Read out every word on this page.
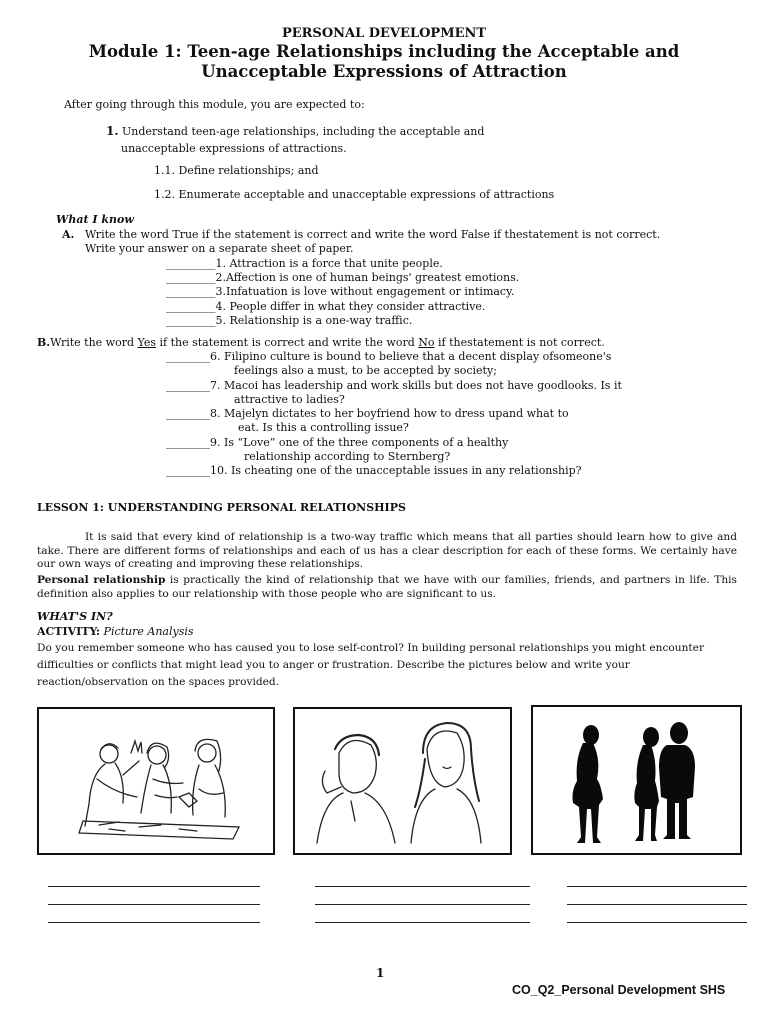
PERSONAL DEVELOPMENT
Module 1: Teen-age Relationships including the Acceptable and Unacceptable Expressions of Attraction
After going through this module, you are expected to:
1. Understand teen-age relationships, including the acceptable and
unacceptable expressions of attractions.
1.1. Define relationships; and
1.2. Enumerate acceptable and unacceptable expressions of attractions
What I know
A. Write the word True if the statement is correct and write the word False if thestatement is not correct.
Write your answer on a separate sheet of paper.
_________1. Attraction is a force that unite people.
_________2.Affection is one of human beings' greatest emotions.
_________3.Infatuation is love without engagement or intimacy.
_________4. People differ in what they consider attractive.
_________5. Relationship is a one-way traffic.
B.Write the word Yes if the statement is correct and write the word No if thestatement is not correct.
________6. Filipino culture is bound to believe that a decent display ofsomeone's
feelings also a must, to be accepted by society;
________7. Macoi has leadership and work skills but does not have goodlooks. Is it
attractive to ladies?
________8. Majelyn dictates to her boyfriend how to dress upand what to
eat. Is this a controlling issue?
________9. Is “Love” one of the three components of a healthy
relationship according to Sternberg?
________10. Is cheating one of the unacceptable issues in any relationship?
LESSON 1: UNDERSTANDING PERSONAL RELATIONSHIPS
It is said that every kind of relationship is a two-way traffic which means that all parties should learn how to give and take. There are different forms of relationships and each of us has a clear description for each of these forms. We certainly have our own ways of creating and improving these relationships.
Personal relationship is practically the kind of relationship that we have with our families, friends, and partners in life. This definition also applies to our relationship with those people who are significant to us.
WHAT'S IN?
ACTIVITY: Picture Analysis
Do you remember someone who has caused you to lose self-control? In building personal relationships you might encounter difficulties or conflicts that might lead you to anger or frustration. Describe the pictures below and write your reaction/observation on the spaces provided.
1
CO_Q2_Personal Development SHS
